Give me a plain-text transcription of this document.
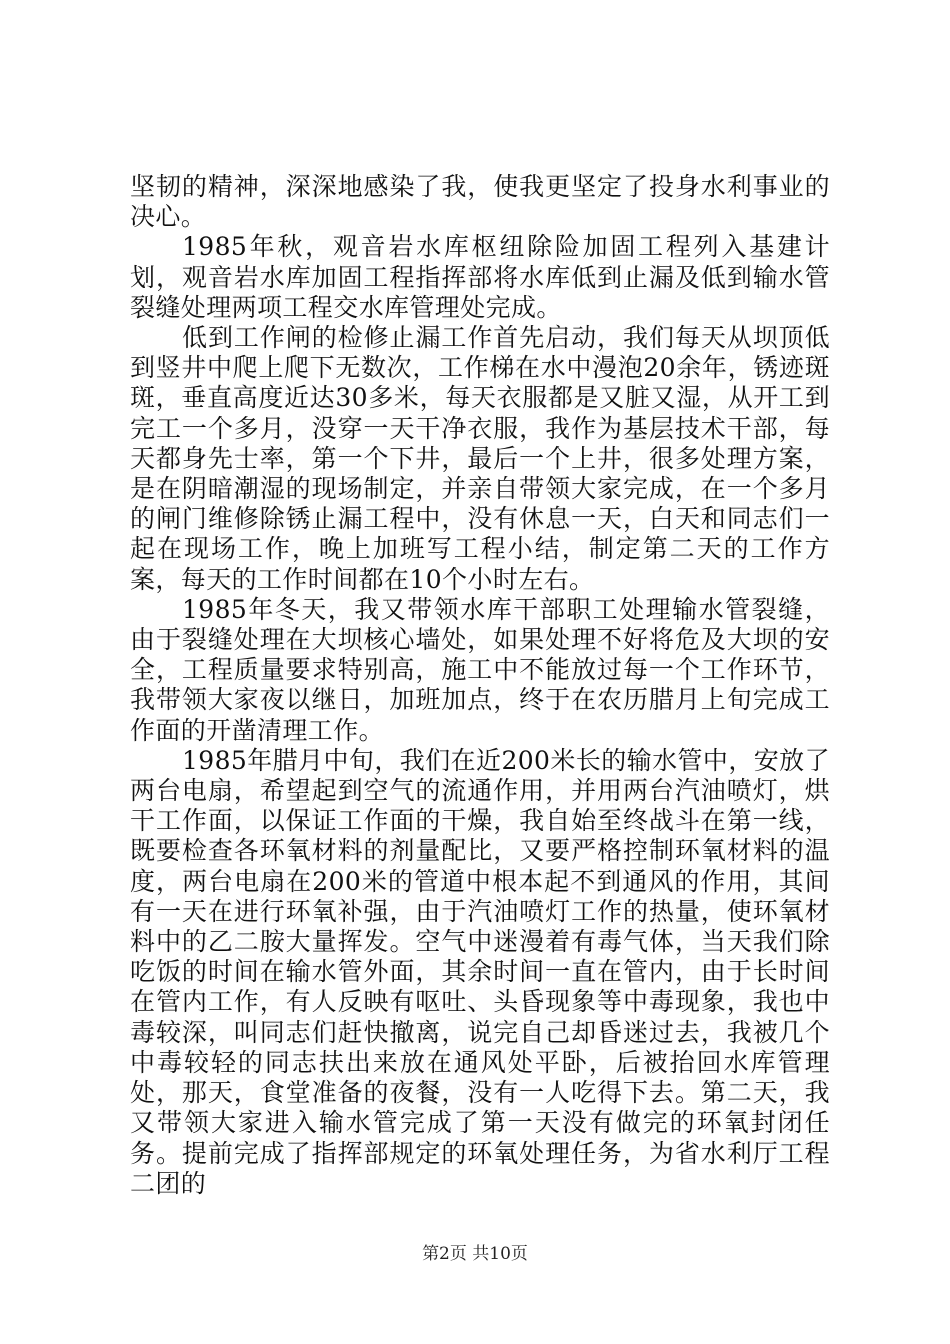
坚韧的精神，深深地感染了我，使我更坚定了投身水利事业的决心。

1985年秋，观音岩水库枢纽除险加固工程列入基建计划，观音岩水库加固工程指挥部将水库低到止漏及低到输水管裂缝处理两项工程交水库管理处完成。

低到工作闸的检修止漏工作首先启动，我们每天从坝顶低到竖井中爬上爬下无数次，工作梯在水中漫泡20余年，锈迹斑斑，垂直高度近达30多米，每天衣服都是又脏又湿，从开工到完工一个多月，没穿一天干净衣服，我作为基层技术干部，每天都身先士率，第一个下井，最后一个上井，很多处理方案，是在阴暗潮湿的现场制定，并亲自带领大家完成，在一个多月的闸门维修除锈止漏工程中，没有休息一天，白天和同志们一起在现场工作，晚上加班写工程小结，制定第二天的工作方案，每天的工作时间都在10个小时左右。

1985年冬天，我又带领水库干部职工处理输水管裂缝，由于裂缝处理在大坝核心墙处，如果处理不好将危及大坝的安全，工程质量要求特别高，施工中不能放过每一个工作环节，我带领大家夜以继日，加班加点，终于在农历腊月上旬完成工作面的开凿清理工作。

1985年腊月中旬，我们在近200米长的输水管中，安放了两台电扇，希望起到空气的流通作用，并用两台汽油喷灯，烘干工作面，以保证工作面的干燥，我自始至终战斗在第一线，既要检查各环氧材料的剂量配比，又要严格控制环氧材料的温度，两台电扇在200米的管道中根本起不到通风的作用，其间有一天在进行环氧补强，由于汽油喷灯工作的热量，使环氧材料中的乙二胺大量挥发。空气中迷漫着有毒气体，当天我们除吃饭的时间在输水管外面，其余时间一直在管内，由于长时间在管内工作，有人反映有呕吐、头昏现象等中毒现象，我也中毒较深，叫同志们赶快撤离，说完自己却昏迷过去，我被几个中毒较轻的同志扶出来放在通风处平卧，后被抬回水库管理处，那天，食堂准备的夜餐，没有一人吃得下去。第二天，我又带领大家进入输水管完成了第一天没有做完的环氧封闭任务。提前完成了指挥部规定的环氧处理任务，为省水利厅工程二团的

第2页 共10页
